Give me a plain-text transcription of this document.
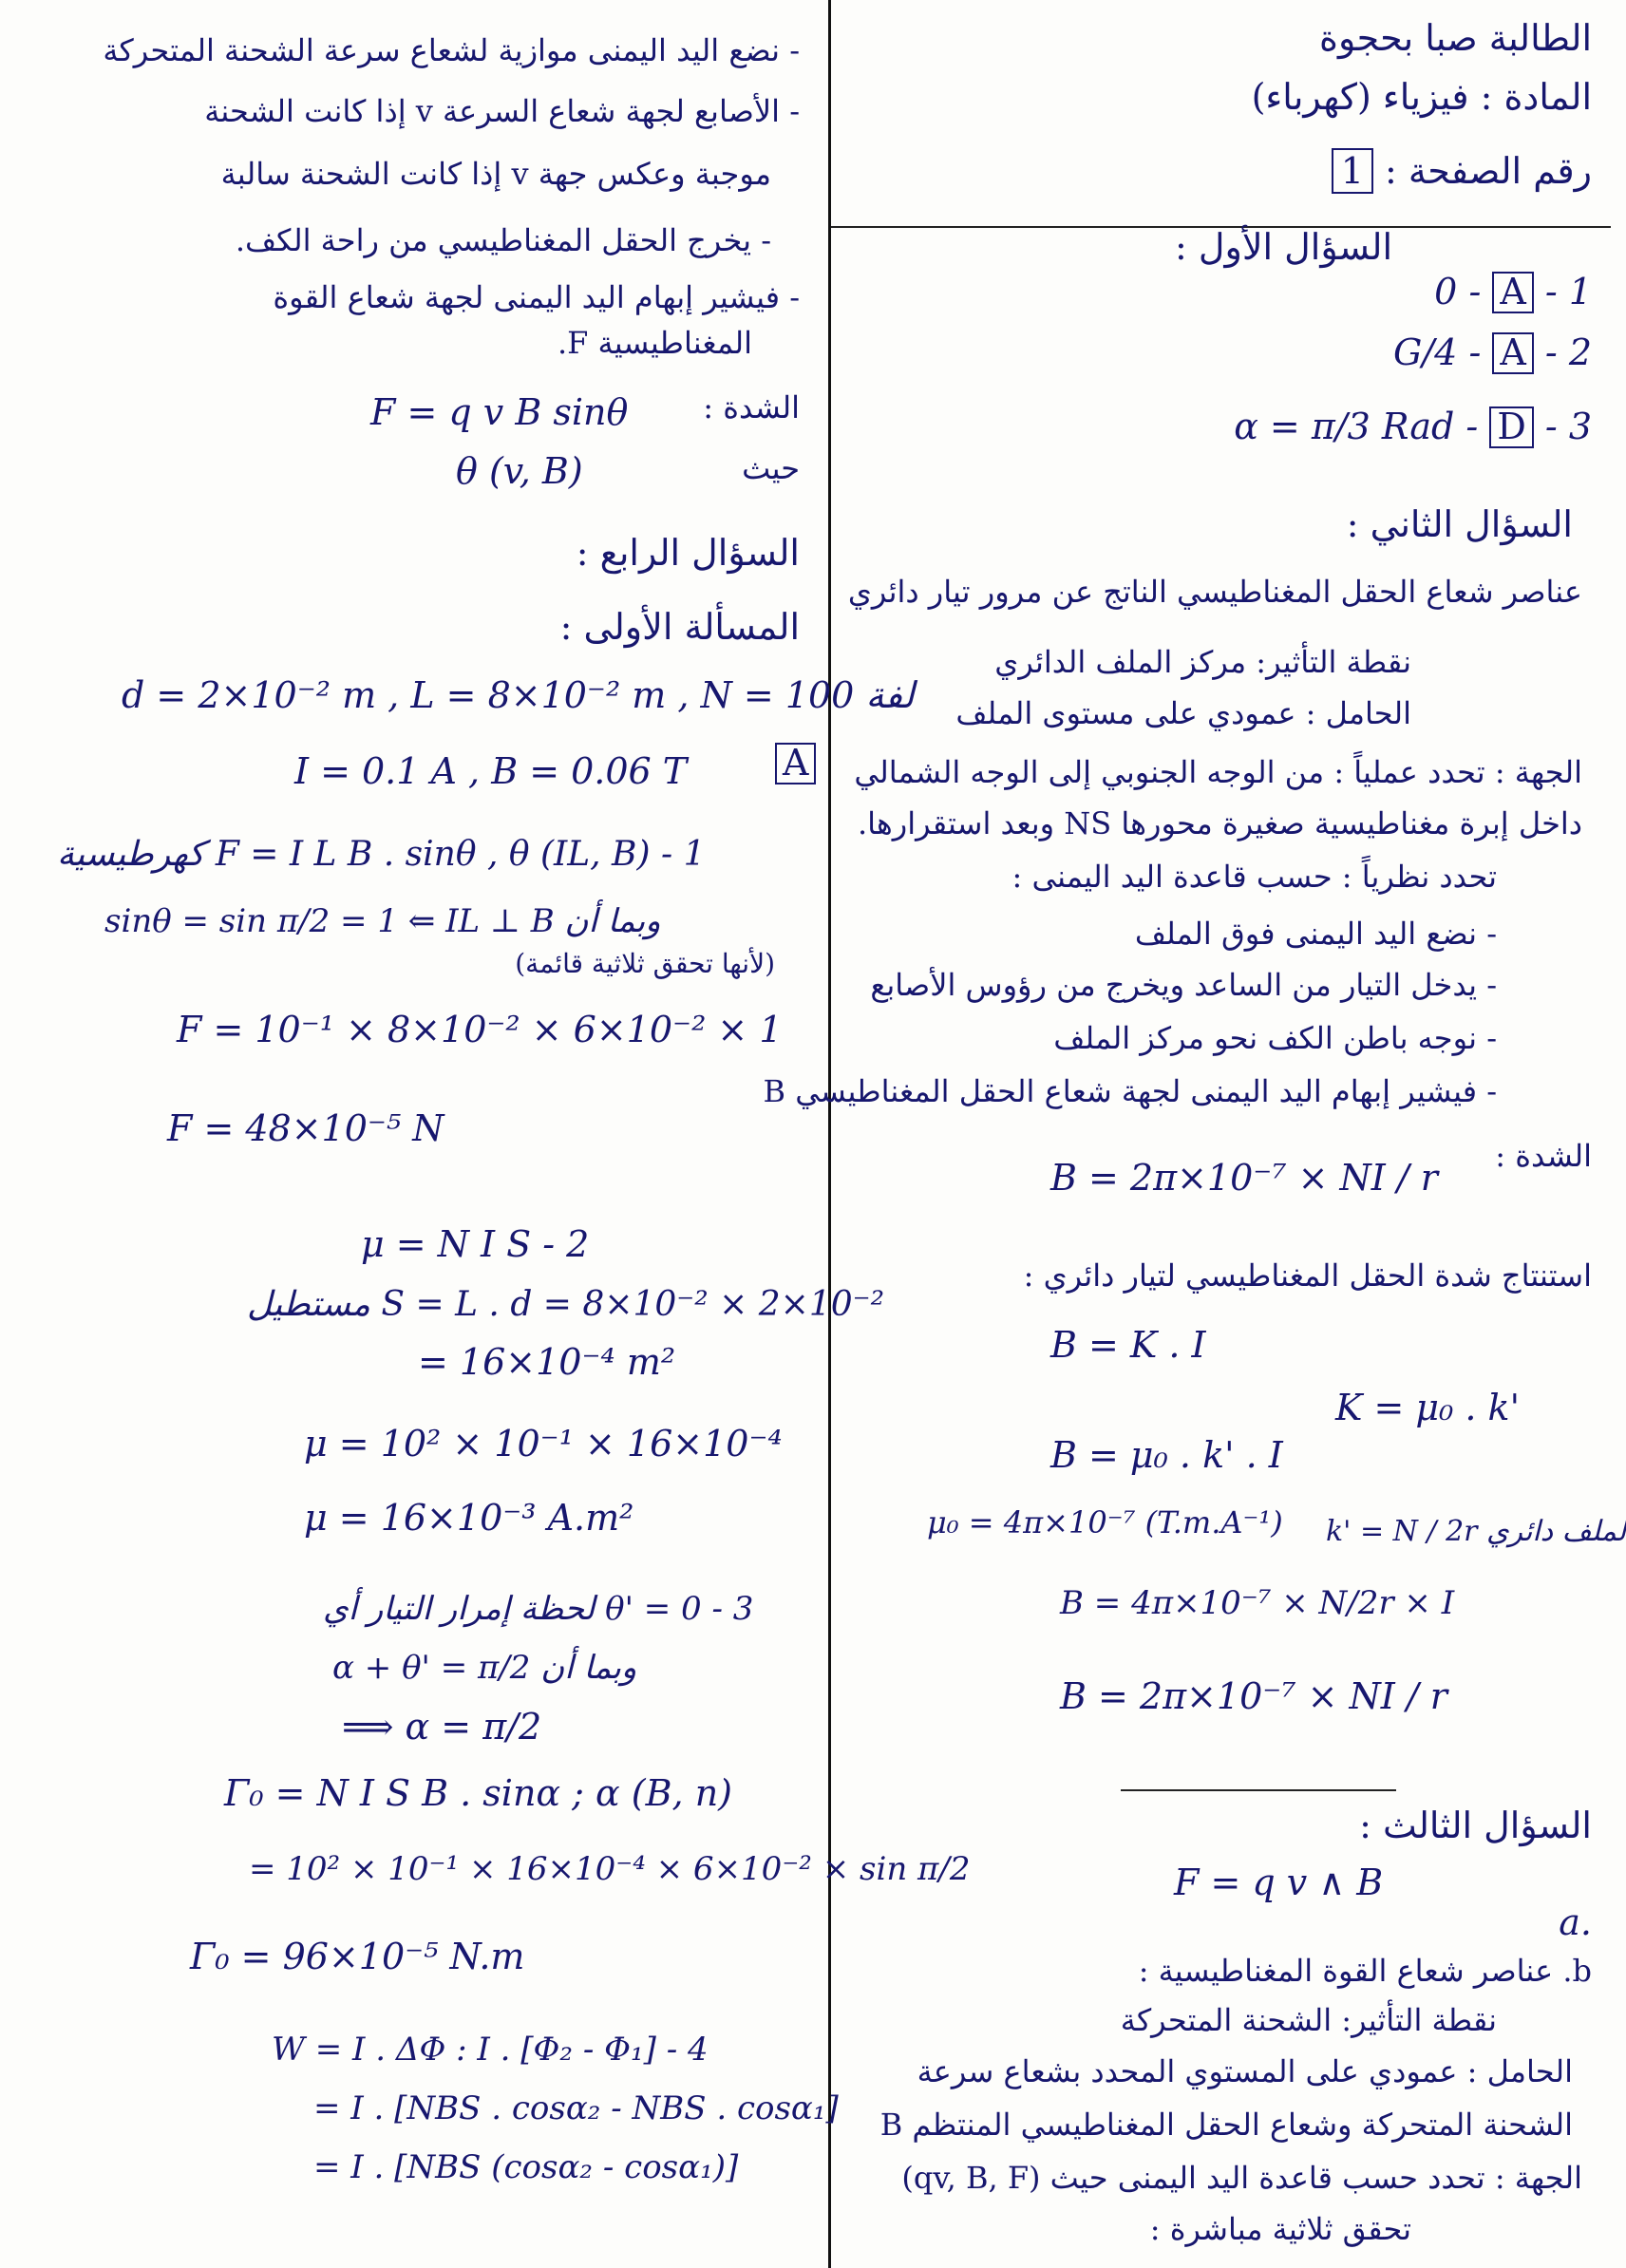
الطالبة صبا بحجوة
المادة : فيزياء (كهرباء)
رقم الصفحة : 1
السؤال الأول :
0 - A - 1
G/4 - A - 2
α = π/3 Rad - D - 3
السؤال الثاني :
عناصر شعاع الحقل المغناطيسي الناتج عن مرور تيار دائري
نقطة التأثير: مركز الملف الدائري
الحامل : عمودي على مستوى الملف
الجهة : تحدد عملياً : من الوجه الجنوبي إلى الوجه الشمالي
داخل إبرة مغناطيسية صغيرة محورها NS وبعد استقرارها.
تحدد نظرياً : حسب قاعدة اليد اليمنى :
- نضع اليد اليمنى فوق الملف
- يدخل التيار من الساعد ويخرج من رؤوس الأصابع
- نوجه باطن الكف نحو مركز الملف
- فيشير إبهام اليد اليمنى لجهة شعاع الحقل المغناطيسي B
الشدة :
B = 2π×10⁻⁷ × NI / r
استنتاج شدة الحقل المغناطيسي لتيار دائري :
B = K . I
K = μ₀ . k'
B = μ₀ . k' . I
μ₀ = 4π×10⁻⁷ (T.m.A⁻¹) k' = N / 2r لملف دائري
B = 4π×10⁻⁷ × N/2r × I
B = 2π×10⁻⁷ × NI / r
السؤال الثالث :
F = q v ∧ B
a.
b. عناصر شعاع القوة المغناطيسية :
نقطة التأثير: الشحنة المتحركة
الحامل : عمودي على المستوي المحدد بشعاع سرعة
الشحنة المتحركة وشعاع الحقل المغناطيسي المنتظم B
الجهة : تحدد حسب قاعدة اليد اليمنى حيث (qv, B, F)
تحقق ثلاثية مباشرة :
- نضع اليد اليمنى موازية لشعاع سرعة الشحنة المتحركة
- الأصابع لجهة شعاع السرعة v إذا كانت الشحنة
موجبة وعكس جهة v إذا كانت الشحنة سالبة
- يخرج الحقل المغناطيسي من راحة الكف.
- فيشير إبهام اليد اليمنى لجهة شعاع القوة
المغناطيسية F.
الشدة :
F = q v B sinθ
حيث
θ (v, B)
السؤال الرابع :
المسألة الأولى :
d = 2×10⁻² m , L = 8×10⁻² m , N = 100 لفة
I = 0.1 A , B = 0.06 T	A
كهرطيسية F = I L B . sinθ , θ (IL, B) - 1
sinθ = sin π/2 = 1 ⇐ IL ⊥ B وبما أن
(لأنها تحقق ثلاثية قائمة)
F = 10⁻¹ × 8×10⁻² × 6×10⁻² × 1
F = 48×10⁻⁵ N
μ = N I S - 2
مستطيل S = L . d = 8×10⁻² × 2×10⁻²
= 16×10⁻⁴ m²
μ = 10² × 10⁻¹ × 16×10⁻⁴
μ = 16×10⁻³ A.m²
لحظة إمرار التيار أي θ' = 0 - 3
α + θ' = π/2 وبما أن
⟹ α = π/2
Γ₀ = N I S B . sinα ; α (B, n)
= 10² × 10⁻¹ × 16×10⁻⁴ × 6×10⁻² × sin π/2
Γ₀ = 96×10⁻⁵ N.m
W = I . ΔΦ : I . [Φ₂ - Φ₁] - 4
= I . [NBS . cosα₂ - NBS . cosα₁]
= I . [NBS (cosα₂ - cosα₁)]
